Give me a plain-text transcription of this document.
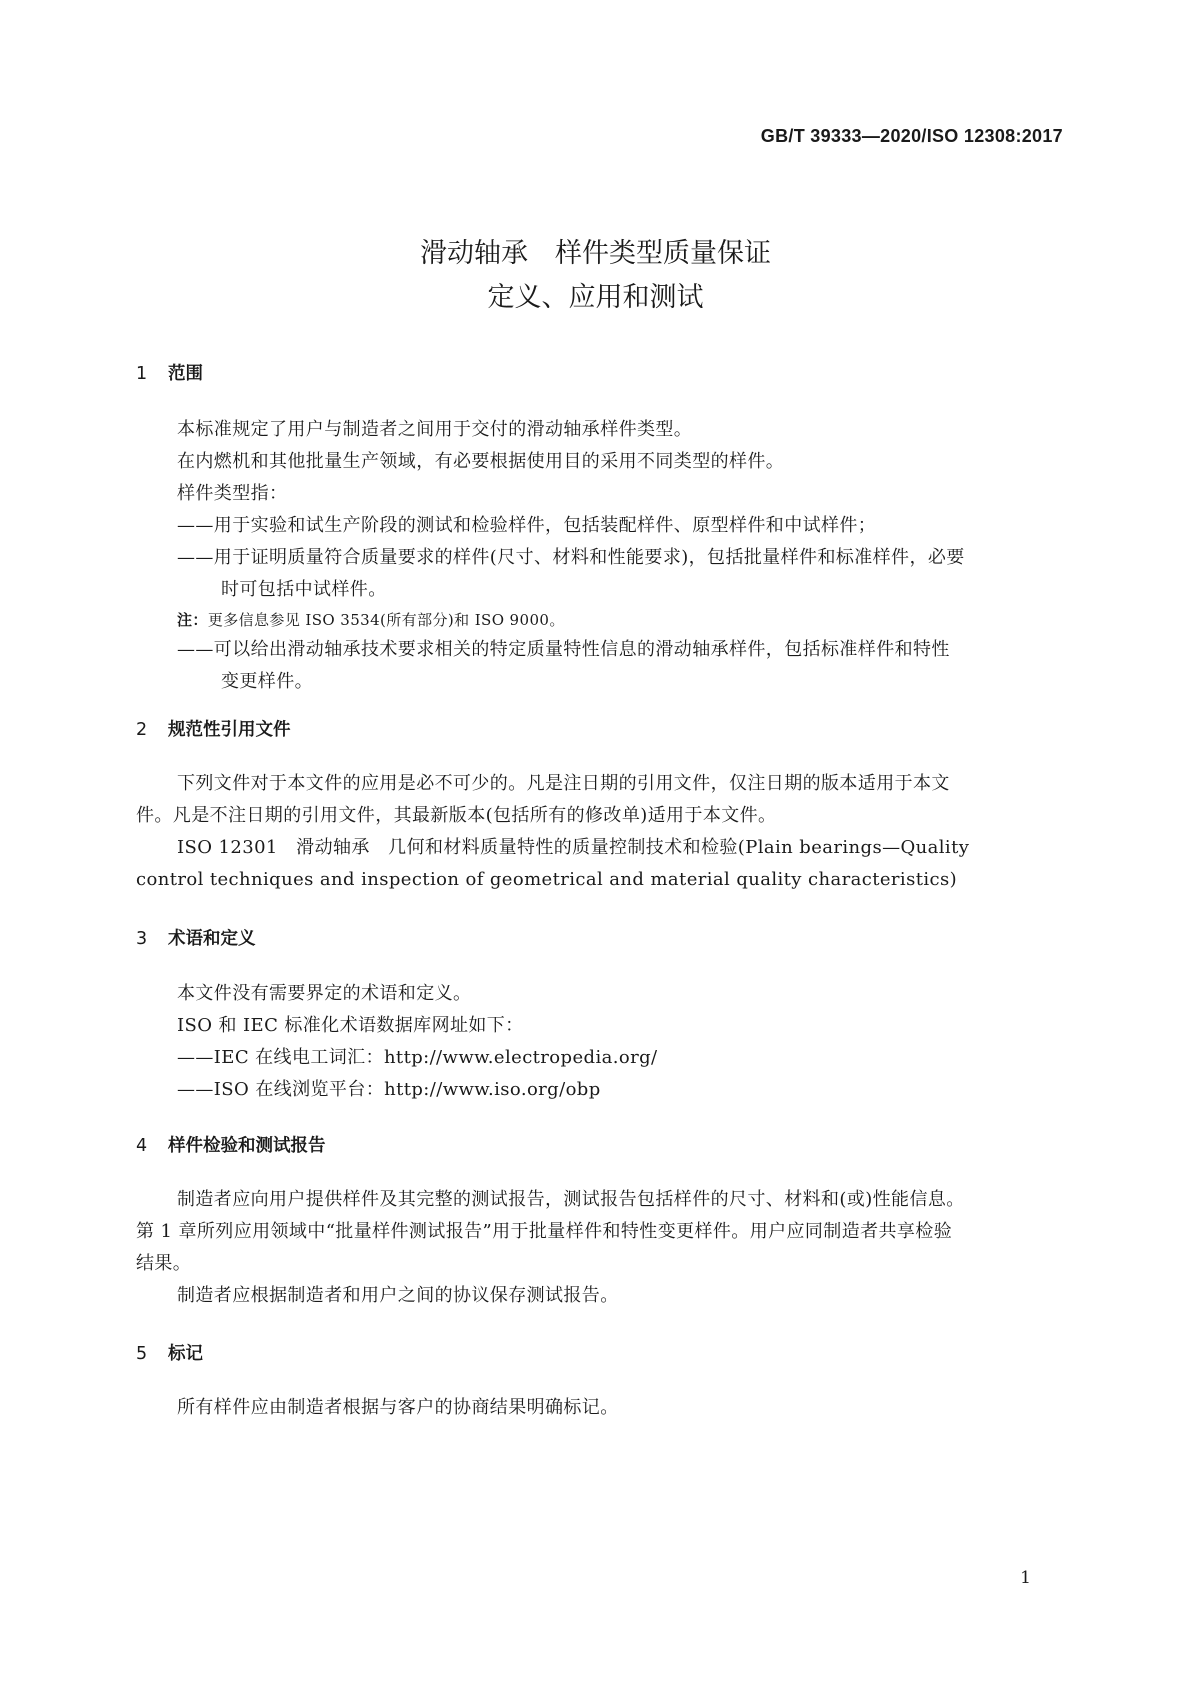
GB/T 39333—2020/ISO 12308:2017
滑动轴承　样件类型质量保证
定义、应用和测试
1 范围
本标准规定了用户与制造者之间用于交付的滑动轴承样件类型。
在内燃机和其他批量生产领域，有必要根据使用目的采用不同类型的样件。
样件类型指：
——用于实验和试生产阶段的测试和检验样件，包括装配样件、原型样件和中试样件；
——用于证明质量符合质量要求的样件(尺寸、材料和性能要求)，包括批量样件和标准样件，必要
时可包括中试样件。
注：更多信息参见 ISO 3534(所有部分)和 ISO 9000。
——可以给出滑动轴承技术要求相关的特定质量特性信息的滑动轴承样件，包括标准样件和特性
变更样件。
2 规范性引用文件
下列文件对于本文件的应用是必不可少的。凡是注日期的引用文件，仅注日期的版本适用于本文
件。凡是不注日期的引用文件，其最新版本(包括所有的修改单)适用于本文件。
ISO 12301　滑动轴承　几何和材料质量特性的质量控制技术和检验(Plain bearings—Quality
control techniques and inspection of geometrical and material quality characteristics)
3 术语和定义
本文件没有需要界定的术语和定义。
ISO 和 IEC 标准化术语数据库网址如下：
——IEC 在线电工词汇：http://www.electropedia.org/
——ISO 在线浏览平台：http://www.iso.org/obp
4 样件检验和测试报告
制造者应向用户提供样件及其完整的测试报告，测试报告包括样件的尺寸、材料和(或)性能信息。
第 1 章所列应用领域中“批量样件测试报告”用于批量样件和特性变更样件。用户应同制造者共享检验
结果。
制造者应根据制造者和用户之间的协议保存测试报告。
5 标记
所有样件应由制造者根据与客户的协商结果明确标记。
1
